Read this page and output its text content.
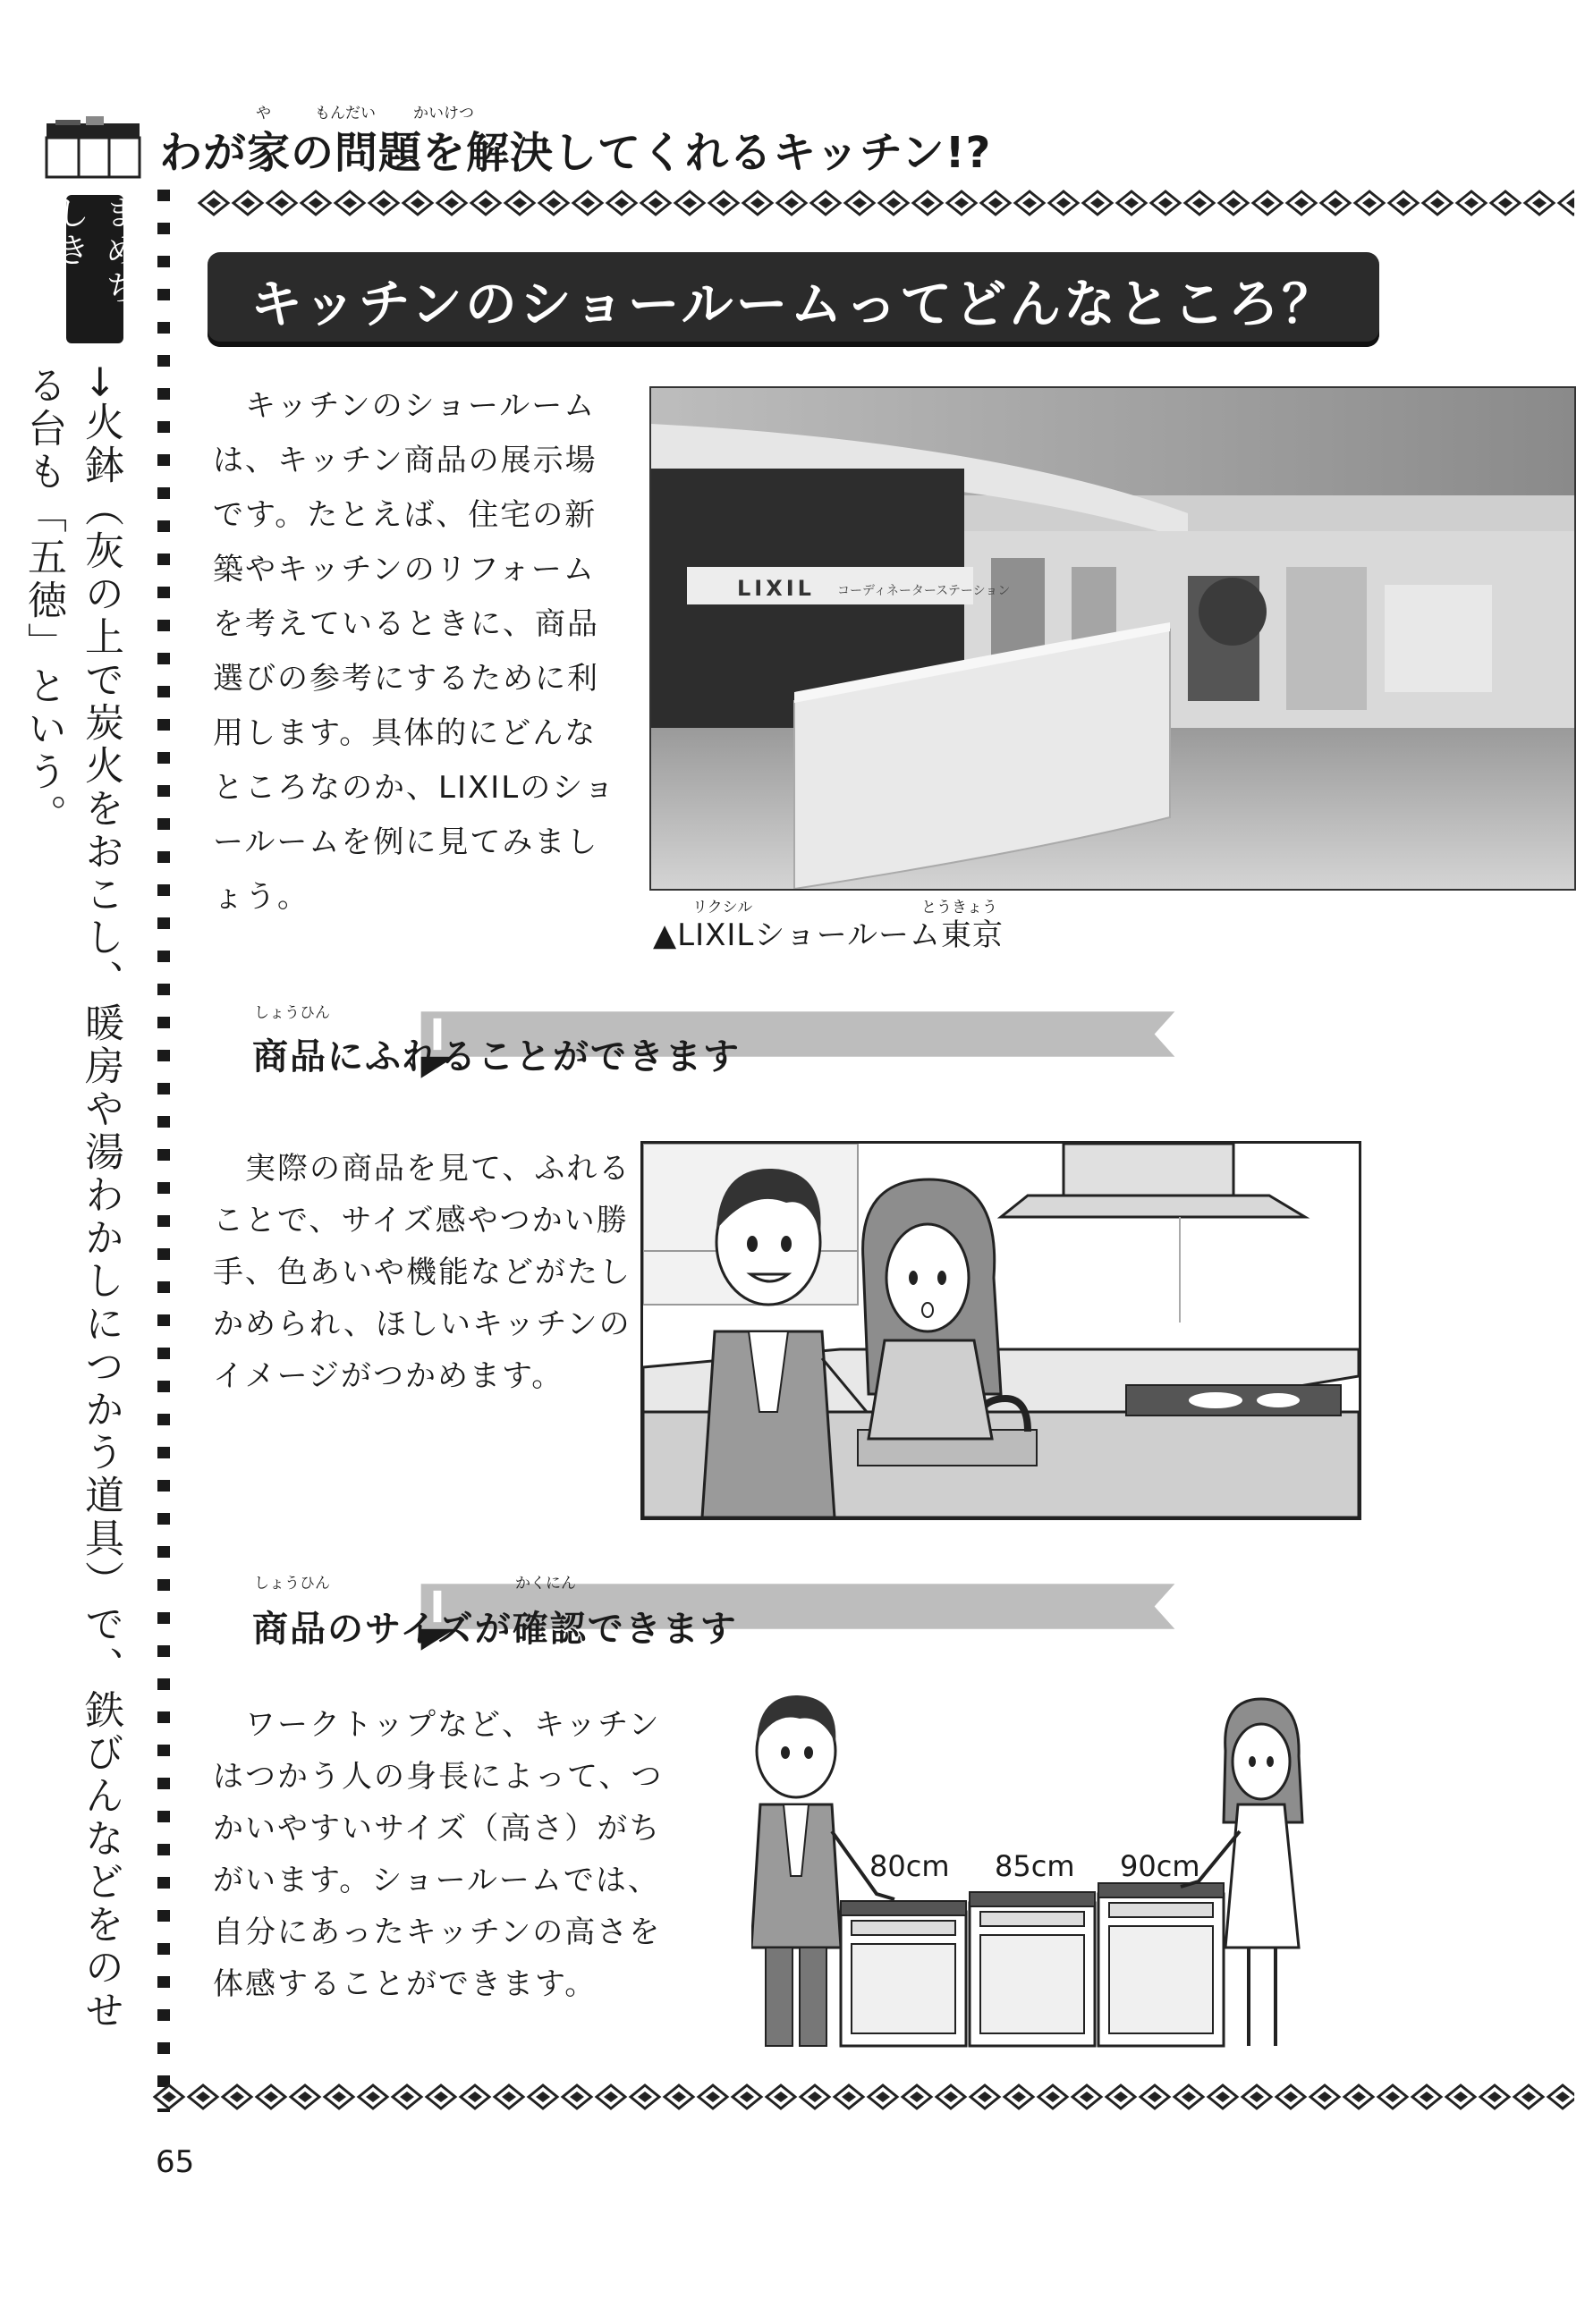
や	もんだい かいけつ
わが家の問題を解決してくれるキッチン!?
まめちしき
→火鉢（灰の上で炭火をおこし、暖房や湯わかしにつかう道具）で、鉄びんなどをのせる台も「五徳」という。
キッチンのショールームってどんなところ？
　キッチンのショールーム
は、キッチン商品の展示場
です。たとえば、住宅の新
築やキッチンのリフォーム
を考えているときに、商品
選びの参考にするために利
用します。具体的にどんな
ところなのか、LIXILのショ
ールームを例に見てみまし
ょう。
LIXIL コーディネーターステーション
リクシル	とうきょう
▲LIXILショールーム東京
しょうひん
商品にふれることができます
　実際の商品を見て、ふれる
ことで、サイズ感やつかい勝
手、色あいや機能などがたし
かめられ、ほしいキッチンの
イメージがつかめます。
しょうひん	かくにん
商品のサイズが確認できます
　ワークトップなど、キッチン
はつかう人の身長によって、つ
かいやすいサイズ（高さ）がち
がいます。ショールームでは、
自分にあったキッチンの高さを
体感することができます。
80cm 85cm 90cm
65
